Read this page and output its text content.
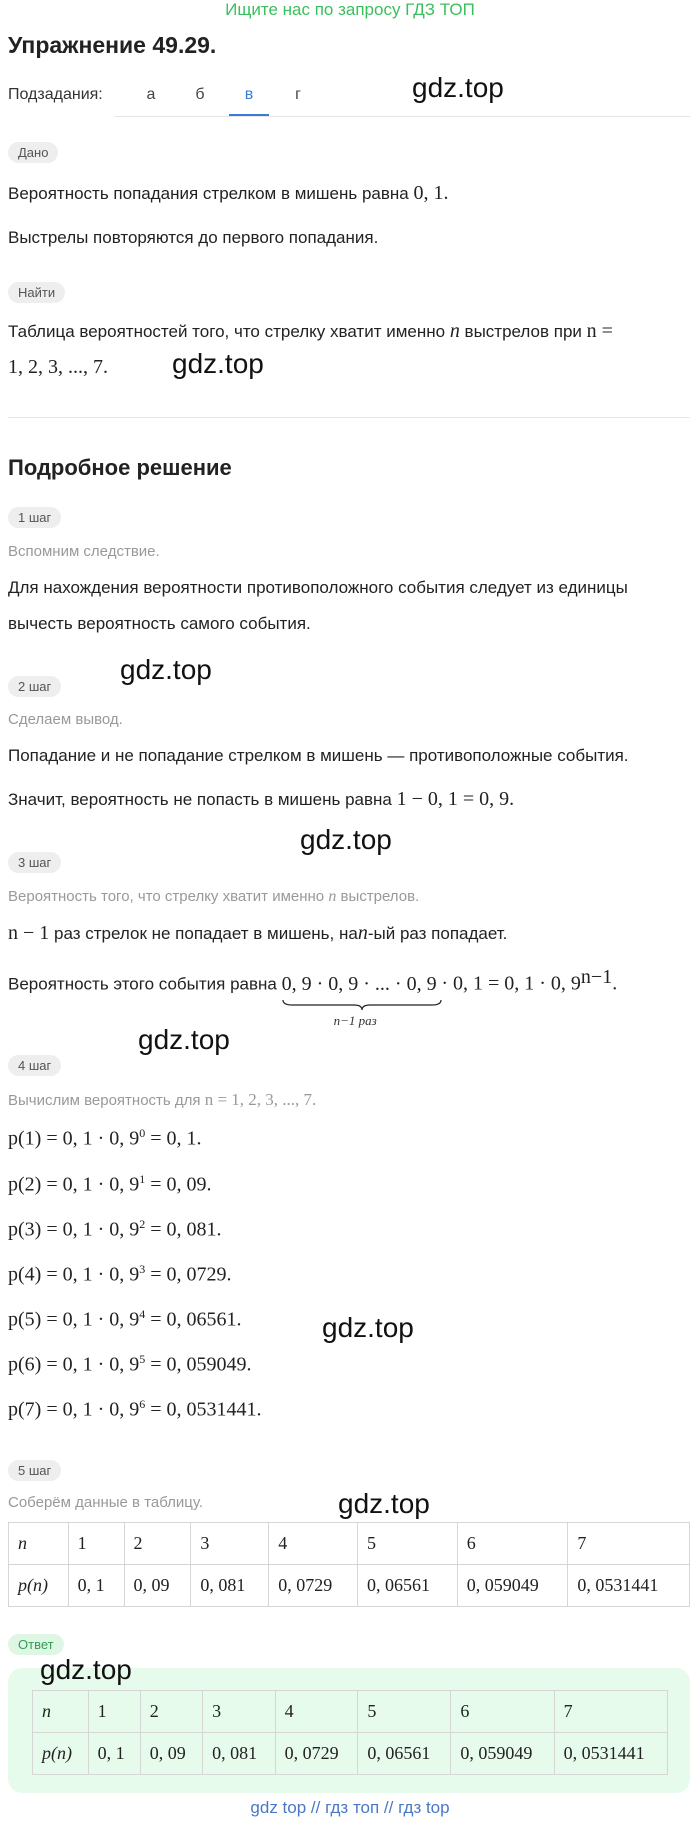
Ищите нас по запросу ГДЗ ТОП
Упражнение 49.29.
Подзадания:	а	б	в	г	gdz.top
Дано
Вероятность попадания стрелком в мишень равна 0, 1.
Выстрелы повторяются до первого попадания.
Найти
Таблица вероятностей того, что стрелку хватит именно n выстрелов при n =
1, 2, 3, ..., 7. gdz.top
Подробное решение
1 шаг
Вспомним следствие.
Для нахождения вероятности противоположного события следует из единицы
вычесть вероятность самого события.
gdz.top
2 шаг
Сделаем вывод.
Попадание и не попадание стрелком в мишень — противоположные события.
Значит, вероятность не попасть в мишень равна 1 − 0, 1 = 0, 9.
gdz.top
3 шаг
Вероятность того, что стрелку хватит именно n выстрелов.
n − 1 раз стрелок не попадает в мишень, наn-ый раз попадает.
Вероятность этого события равна 0, 9 · 0, 9 · ... · 0, 9
n−1 раз
· 0, 1 = 0, 1 · 0, $9^{n-1}$.
gdz.top
4 шаг
Вычислим вероятность для n = 1, 2, 3, ..., 7.
p(1) = 0, 1 · 0, $9^0 = 0$, 1.
p(2) = 0, 1 · 0, $9^1 = 0$, 09.
p(3) = 0, 1 · 0, $9^2 = 0$, 081.
p(4) = 0, 1 · 0, $9^3 = 0$, 0729.
p(5) = 0, 1 · 0, $9^4 = 0$, 06561.
p(6) = 0, 1 · 0, $9^5 = 0$, 059049.
p(7) = 0, 1 · 0, $9^6 = 0$, 0531441.
gdz.top
5 шаг
Соберём данные в таблицу.	gdz.top
n	1	2	3	4	5	6	7
p(n)	0, 1	0, 09	0, 081	0, 0729	0, 06561	0, 059049	0, 0531441
Ответ
gdz.top
n	1	2	3	4	5	6	7
p(n)	0, 1	0, 09	0, 081	0, 0729	0, 06561	0, 059049	0, 0531441
gdz top // гдз топ // гдз top
